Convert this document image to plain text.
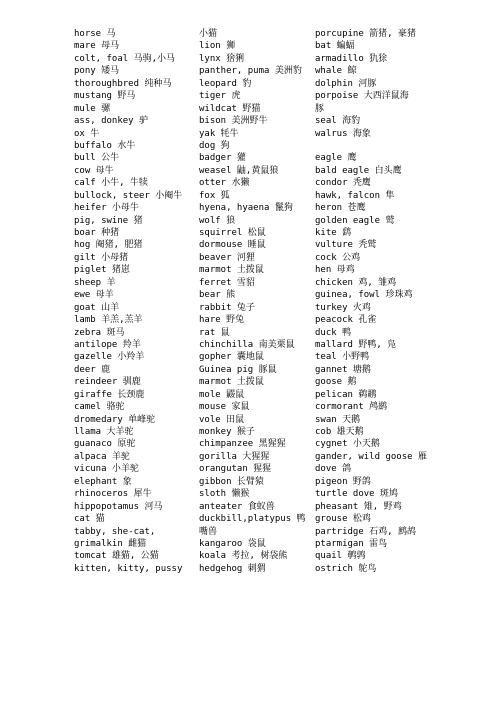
horse 马
mare 母马
colt, foal 马驹,小马
pony 矮马
thoroughbred 纯种马
mustang 野马
mule 骡
ass, donkey 驴
ox 牛
buffalo 水牛
bull 公牛
cow 母牛
calf 小牛, 牛犊
bullock, steer 小阉牛
heifer 小母牛
pig, swine 猪
boar 种猪
hog 阉猪, 肥猪
gilt 小母猪
piglet 猪崽
sheep 羊
ewe 母羊
goat 山羊
lamb 羊羔,羔羊
zebra 斑马
antilope 羚羊
gazelle 小羚羊
deer 鹿
reindeer 驯鹿
giraffe 长颈鹿
camel 骆驼
dromedary 单峰驼
llama 大羊驼
guanaco 原驼
alpaca 羊驼
vicuna 小羊驼
elephant 象
rhinoceros 犀牛
hippopotamus 河马
cat 猫
tabby, she-cat,
grimalkin 雌猫
tomcat 雄猫, 公猫
kitten, kitty, pussy
小猫
lion 狮
lynx 猞猁
panther, puma 美洲豹
leopard 豹
tiger 虎
wildcat 野猫
bison 美洲野牛
yak 牦牛
dog 狗
badger 獾
weasel 鼬,黄鼠狼
otter 水獭
fox 狐
hyena, hyaena 鬣狗
wolf 狼
squirrel 松鼠
dormouse 睡鼠
beaver 河狸
marmot 土拨鼠
ferret 雪貂
bear 熊
rabbit 兔子
hare 野兔
rat 鼠
chinchilla 南美栗鼠
gopher 囊地鼠
Guinea pig 豚鼠
marmot 土拨鼠
mole 鼹鼠
mouse 家鼠
vole 田鼠
monkey 猴子
chimpanzee 黑猩猩
gorilla 大猩猩
orangutan 猩猩
gibbon 长臂猿
sloth 懒猴
anteater 食蚁兽
duckbill,platypus 鸭
嘴兽
kangaroo 袋鼠
koala 考拉, 树袋熊
hedgehog 刺猬
porcupine 箭猪, 豪猪
bat 蝙蝠
armadillo 犰狳
whale 鲸
dolphin 河豚
porpoise 大西洋鼠海
豚
seal 海豹
walrus 海象
eagle 鹰
bald eagle 白头鹰
condor 秃鹰
hawk, falcon 隼
heron 苍鹰
golden eagle 鹫
kite 鹞
vulture 秃鹫
cock 公鸡
hen 母鸡
chicken 鸡, 雏鸡
guinea, fowl 珍珠鸡
turkey 火鸡
peacock 孔雀
duck 鸭
mallard 野鸭, 凫
teal 小野鸭
gannet 塘鹅
goose 鹅
pelican 鹈鹕
cormorant 鸬鹚
swan 天鹅
cob 雄天鹅
cygnet 小天鹅
gander, wild goose 雁
dove 鸽
pigeon 野鸽
turtle dove 斑鸠
pheasant 雉, 野鸡
grouse 松鸡
partridge 石鸡, 鹧鸪
ptarmigan 雷鸟
quail 鹌鹑
ostrich 鸵鸟
